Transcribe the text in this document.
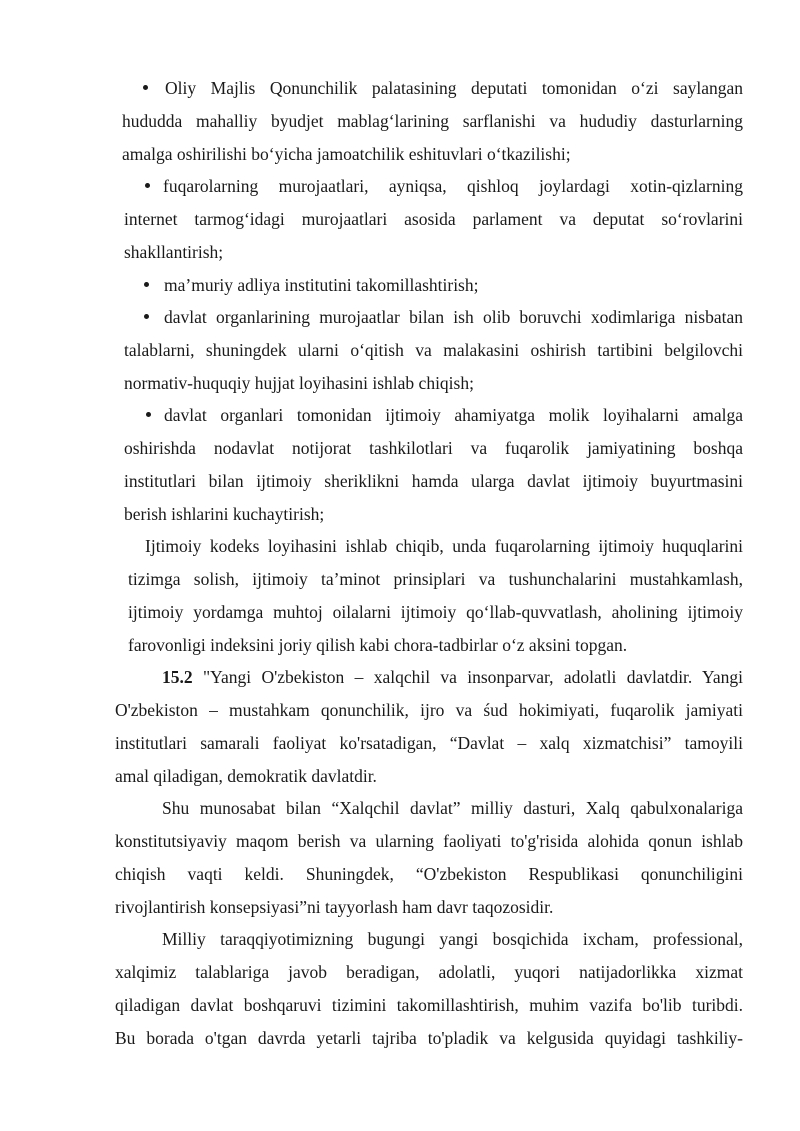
Oliy Majlis Qonunchilik palatasining deputati tomonidan o‘zi saylangan
hududda mahalliy byudjet mablag‘larining sarflanishi va hududiy dasturlarning
amalga oshirilishi bo‘yicha jamoatchilik eshituvlari o‘tkazilishi;
fuqarolarning murojaatlari, ayniqsa, qishloq joylardagi xotin-qizlarning
internet tarmog‘idagi murojaatlari asosida parlament va deputat so‘rovlarini
shakllantirish;
ma’muriy adliya institutini takomillashtirish;
davlat organlarining murojaatlar bilan ish olib boruvchi xodimlariga nisbatan
talablarni, shuningdek ularni o‘qitish va malakasini oshirish tartibini belgilovchi
normativ-huquqiy hujjat loyihasini ishlab chiqish;
davlat organlari tomonidan ijtimoiy ahamiyatga molik loyihalarni amalga
oshirishda nodavlat notijorat tashkilotlari va fuqarolik jamiyatining boshqa
institutlari bilan ijtimoiy sheriklikni hamda ularga davlat ijtimoiy buyurtmasini
berish ishlarini kuchaytirish;
Ijtimoiy kodeks loyihasini ishlab chiqib, unda fuqarolarning ijtimoiy huquqlarini
tizimga solish, ijtimoiy ta’minot prinsiplari va tushunchalarini mustahkamlash,
ijtimoiy yordamga muhtoj oilalarni ijtimoiy qo‘llab-quvvatlash, aholining ijtimoiy
farovonligi indeksini joriy qilish kabi chora-tadbirlar o‘z aksini topgan.
15.2 "Yangi O'zbekiston – xalqchil va insonparvar, adolatli davlatdir. Yangi
O'zbekiston – mustahkam qonunchilik, ijro va śud hokimiyati, fuqarolik jamiyati
institutlari samarali faoliyat ko'rsatadigan, “Davlat – xalq xizmatchisi” tamoyili
amal qiladigan, demokratik davlatdir.
Shu munosabat bilan “Xalqchil davlat” milliy dasturi, Xalq qabulxonalariga
konstitutsiyaviy maqom berish va ularning faoliyati to'g'risida alohida qonun ishlab
chiqish vaqti keldi. Shuningdek, “O'zbekiston Respublikasi qonunchiligini
rivojlantirish konsepsiyasi”ni tayyorlash ham davr taqozosidir.
Milliy taraqqiyotimizning bugungi yangi bosqichida ixcham, professional,
xalqimiz talablariga javob beradigan, adolatli, yuqori natijadorlikka xizmat
qiladigan davlat boshqaruvi tizimini takomillashtirish, muhim vazifa bo'lib turibdi.
Bu borada o'tgan davrda yetarli tajriba to'pladik va kelgusida quyidagi tashkiliy-
